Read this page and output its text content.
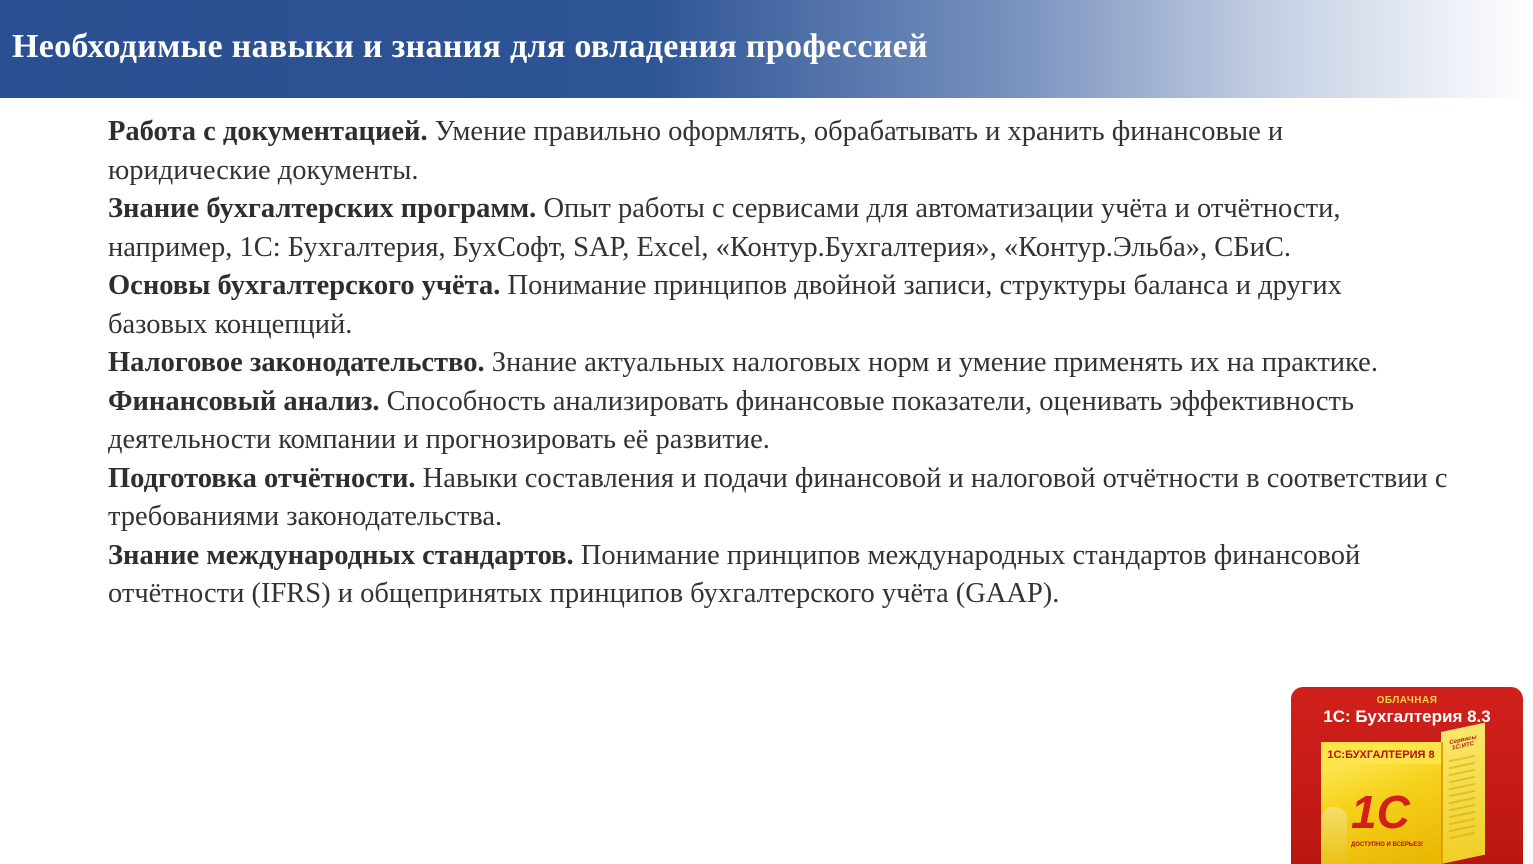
Необходимые навыки и знания для овладения профессией

Работа с документацией. Умение правильно оформлять, обрабатывать и хранить финансовые и юридические документы.

Знание бухгалтерских программ. Опыт работы с сервисами для автоматизации учёта и отчётности, например, 1С: Бухгалтерия, БухСофт, SAP, Excel, «Контур.Бухгалтерия», «Контур.Эльба», СБиС.

Основы бухгалтерского учёта. Понимание принципов двойной записи, структуры баланса и других базовых концепций.

Налоговое законодательство. Знание актуальных налоговых норм и умение применять их на практике.

Финансовый анализ. Способность анализировать финансовые показатели, оценивать эффективность деятельности компании и прогнозировать её развитие.

Подготовка отчётности. Навыки составления и подачи финансовой и налоговой отчётности в соответствии с требованиями законодательства.

Знание международных стандартов. Понимание принципов международных стандартов финансовой отчётности (IFRS) и общепринятых принципов бухгалтерского учёта (GAAP).

ОБЛАЧНАЯ
1С: Бухгалтерия 8.3
Сервисы 1С:ИТС
1С:БУХГАЛТЕРИЯ 8
1С
ДОСТУПНО И ВСЕРЬЕЗ!
